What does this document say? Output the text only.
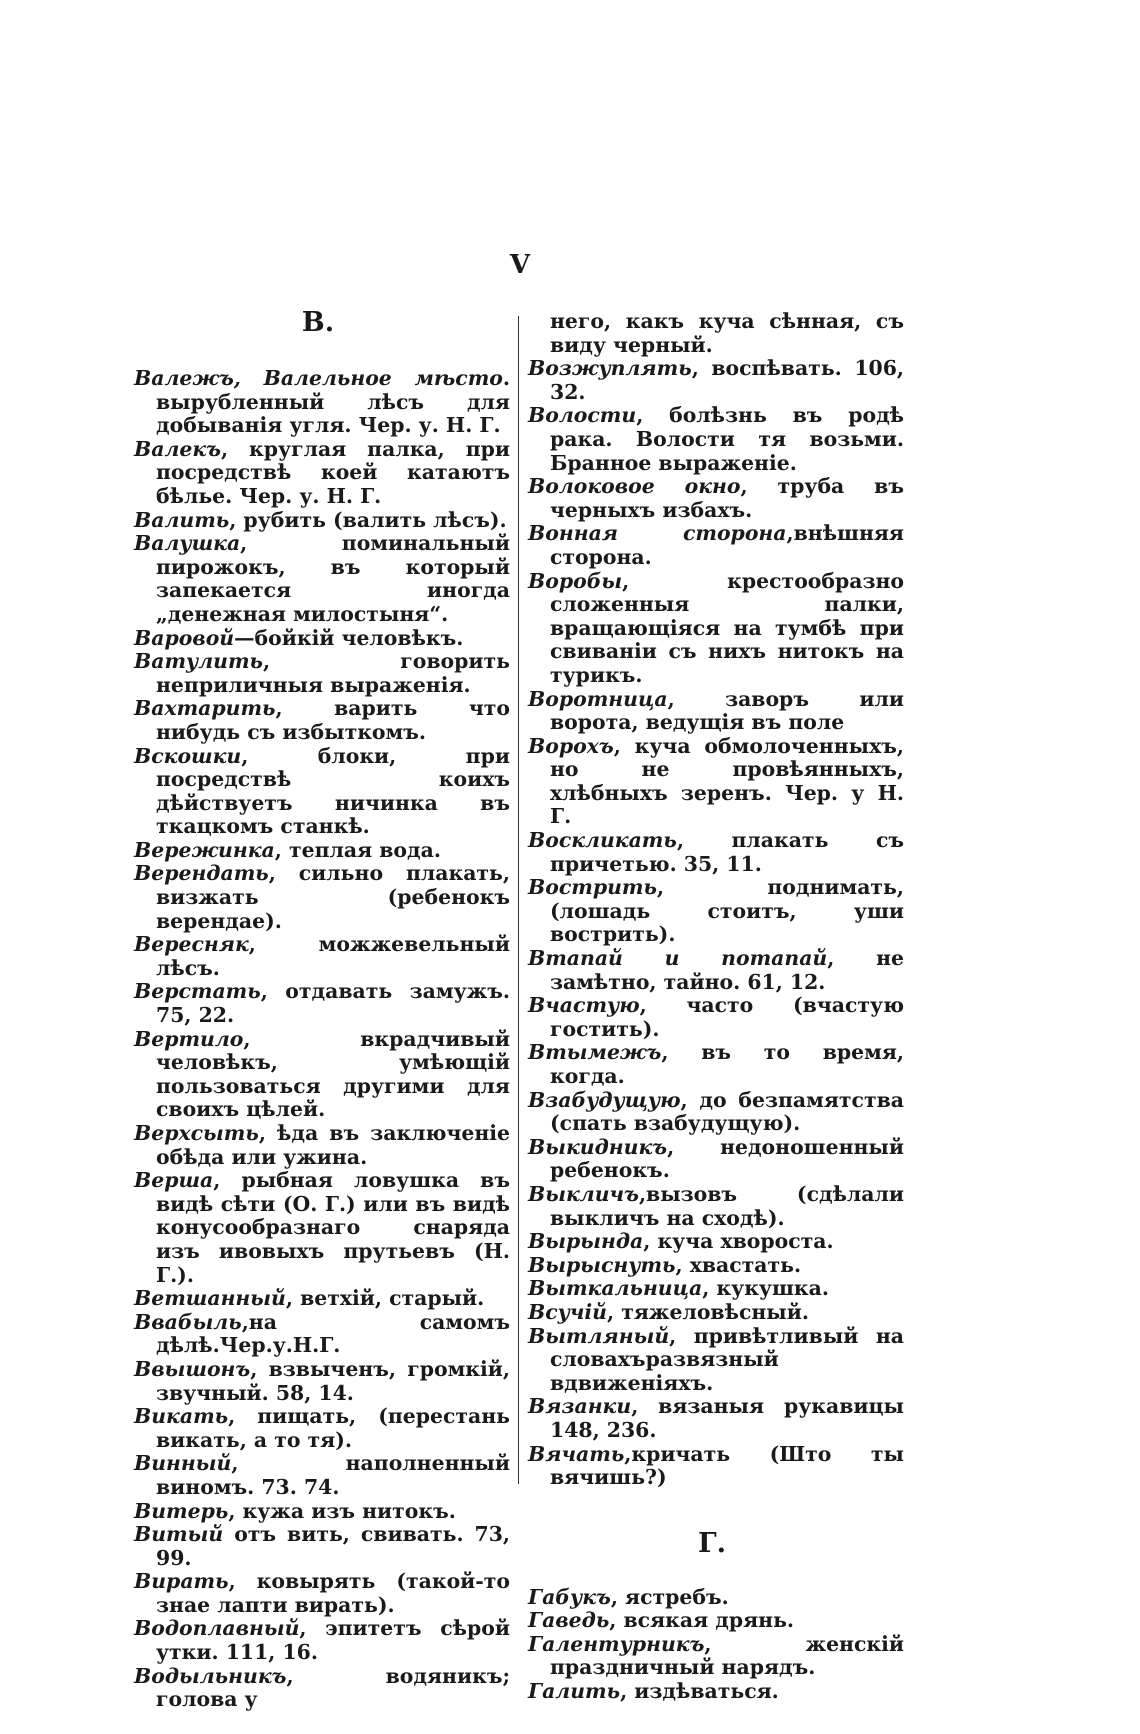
V
В.

Валежъ, Валельное мѣсто. вырубленный лѣсъ для добыванія угля. Чер. у. Н. Г.

Валекъ, круглая палка, при посредствѣ коей катаютъ бѣлье. Чер. у. Н. Г.

Валить, рубить (валить лѣсъ).

Валушка, поминальный пирожокъ, въ который запекается иногда „денежная милостыня“.

Варовой—бойкій человѣкъ.

Ватулить, говорить неприличныя выраженія.

Вахтарить, варить что нибудь съ избыткомъ.

Вскошки, блоки, при посредствѣ коихъ дѣйствуетъ ничинка въ ткацкомъ станкѣ.

Вережинка, теплая вода.

Верендать, сильно плакать, визжать (ребенокъ верендае).

Вересняк, можжевельный лѣсъ.

Верстать, отдавать замужъ. 75, 22.

Вертило, вкрадчивый человѣкъ, умѣющій пользоваться другими для своихъ цѣлей.

Верхсыть, ѣда въ заключеніе обѣда или ужина.

Верша, рыбная ловушка въ видѣ сѣти (О. Г.) или въ видѣ конусообразнаго снаряда изъ ивовыхъ прутьевъ (Н. Г.).

Ветшанный, ветхій, старый.

Ввабыль,на самомъ дѣлѣ.Чер.у.Н.Г.

Ввышонъ, взвыченъ, громкій, звучный. 58, 14.

Викать, пищать, (перестань викать, а то тя).

Винный, наполненный виномъ. 73. 74.

Витерь, кужа изъ нитокъ.

Витый отъ вить, свивать. 73, 99.

Вирать, ковырять (такой-то знае лапти вирать).

Водоплавный, эпитетъ сѣрой утки. 111, 16.

Водыльникъ, водяникъ; голова у

него, какъ куча сѣнная, съ виду черный.

Возжуплять, воспѣвать. 106, 32.

Волости, болѣзнь въ родѣ рака. Волости тя возьми. Бранное выраженіе.

Волоковое окно, труба въ черныхъ избахъ.

Вонная сторона,внѣшняя сторона.

Воробы, крестообразно сложенныя палки, вращающіяся на тумбѣ при свиваніи съ нихъ нитокъ на турикъ.

Воротница, заворъ или ворота, ведущія въ поле

Ворохъ, куча обмолоченныхъ, но не провѣянныхъ, хлѣбныхъ зеренъ. Чер. у Н. Г.

Воскликать, плакать съ причетью. 35, 11.

Вострить, поднимать, (лошадь стоитъ, уши вострить).

Втапай и потапай, не замѣтно, тайно. 61, 12.

Вчастую, часто (вчастую гостить).

Втымежъ, въ то время, когда.

Взабудущую, до безпамятства (спать взабудущую).

Выкидникъ, недоношенный ребенокъ.

Выкличъ,вызовъ (сдѣлали выкличъ на сходѣ).

Вырында, куча хвороста.

Вырыснуть, хвастать.

Выткальница, кукушка.

Всучій, тяжеловѣсный.

Вытляный, привѣтливый на словахъразвязный вдвиженіяхъ.

Вязанки, вязаныя рукавицы 148, 236.

Вячать,кричать (Што ты вячишь?)

Г.

Габукъ, ястребъ.

Гаведь, всякая дрянь.

Галентурникъ, женскій праздничный нарядъ.

Галить, издѣваться.
